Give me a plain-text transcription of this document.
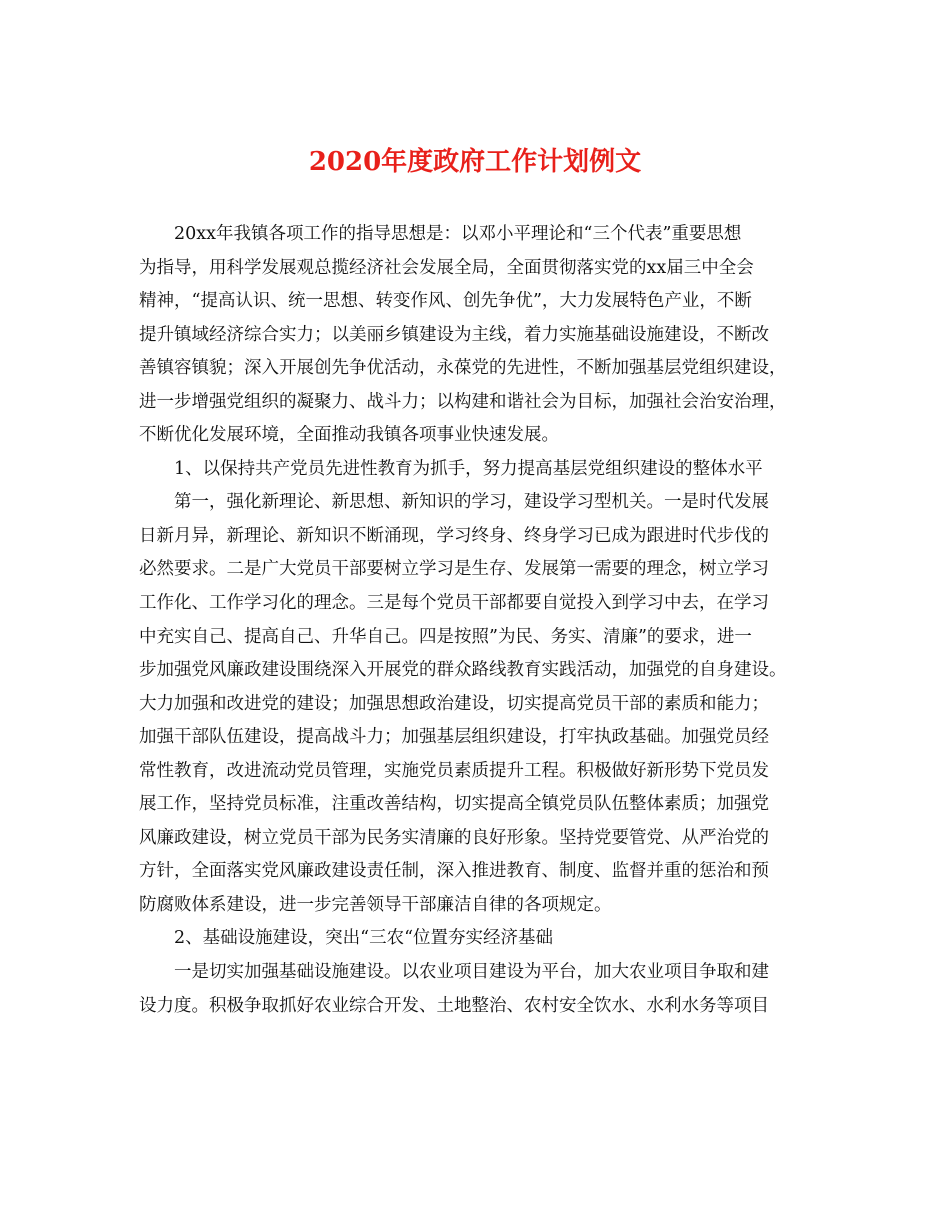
2020年度政府工作计划例文
20xx年我镇各项工作的指导思想是：以邓小平理论和“三个代表”重要思想
为指导，用科学发展观总揽经济社会发展全局，全面贯彻落实党的xx届三中全会
精神，“提高认识、统一思想、转变作风、创先争优”，大力发展特色产业，不断
提升镇域经济综合实力；以美丽乡镇建设为主线，着力实施基础设施建设，不断改
善镇容镇貌；深入开展创先争优活动，永葆党的先进性，不断加强基层党组织建设，
进一步增强党组织的凝聚力、战斗力；以构建和谐社会为目标，加强社会治安治理，
不断优化发展环境，全面推动我镇各项事业快速发展。
1、以保持共产党员先进性教育为抓手，努力提高基层党组织建设的整体水平
第一，强化新理论、新思想、新知识的学习，建设学习型机关。一是时代发展
日新月异，新理论、新知识不断涌现，学习终身、终身学习已成为跟进时代步伐的
必然要求。二是广大党员干部要树立学习是生存、发展第一需要的理念，树立学习
工作化、工作学习化的理念。三是每个党员干部都要自觉投入到学习中去，在学习
中充实自己、提高自己、升华自己。四是按照”为民、务实、清廉”的要求，进一
步加强党风廉政建设围绕深入开展党的群众路线教育实践活动，加强党的自身建设。
大力加强和改进党的建设；加强思想政治建设，切实提高党员干部的素质和能力；
加强干部队伍建设，提高战斗力；加强基层组织建设，打牢执政基础。加强党员经
常性教育，改进流动党员管理，实施党员素质提升工程。积极做好新形势下党员发
展工作，坚持党员标准，注重改善结构，切实提高全镇党员队伍整体素质；加强党
风廉政建设，树立党员干部为民务实清廉的良好形象。坚持党要管党、从严治党的
方针，全面落实党风廉政建设责任制，深入推进教育、制度、监督并重的惩治和预
防腐败体系建设，进一步完善领导干部廉洁自律的各项规定。
2、基础设施建设，突出“三农“位置夯实经济基础
一是切实加强基础设施建设。以农业项目建设为平台，加大农业项目争取和建
设力度。积极争取抓好农业综合开发、土地整治、农村安全饮水、水利水务等项目
